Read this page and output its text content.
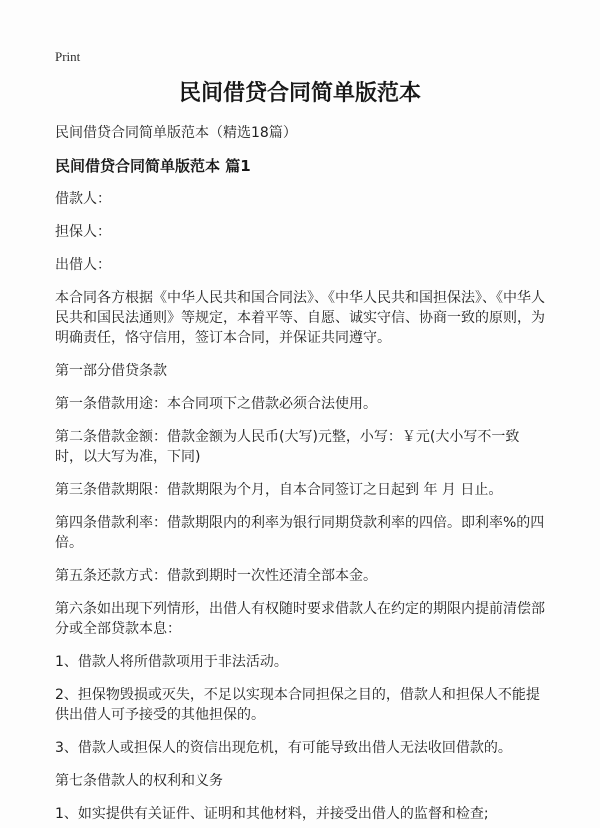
Print
民间借贷合同简单版范本

民间借贷合同简单版范本（精选18篇）

民间借贷合同简单版范本 篇1

借款人：

担保人：

出借人：

本合同各方根据《中华人民共和国合同法》、《中华人民共和国担保法》、《中华人民共和国民法通则》等规定，本着平等、自愿、诚实守信、协商一致的原则，为明确责任，恪守信用，签订本合同，并保证共同遵守。

第一部分借贷条款

第一条借款用途：本合同项下之借款必须合法使用。

第二条借款金额：借款金额为人民币(大写)元整，小写：￥元(大小写不一致时，以大写为准，下同)

第三条借款期限：借款期限为个月，自本合同签订之日起到 年 月 日止。

第四条借款利率：借款期限内的利率为银行同期贷款利率的四倍。即利率%的四倍。

第五条还款方式：借款到期时一次性还清全部本金。

第六条如出现下列情形，出借人有权随时要求借款人在约定的期限内提前清偿部分或全部贷款本息：

1、借款人将所借款项用于非法活动。

2、担保物毁损或灭失，不足以实现本合同担保之目的，借款人和担保人不能提供出借人可予接受的其他担保的。

3、借款人或担保人的资信出现危机，有可能导致出借人无法收回借款的。

第七条借款人的权利和义务

1、如实提供有关证件、证明和其他材料，并接受出借人的监督和检查;
